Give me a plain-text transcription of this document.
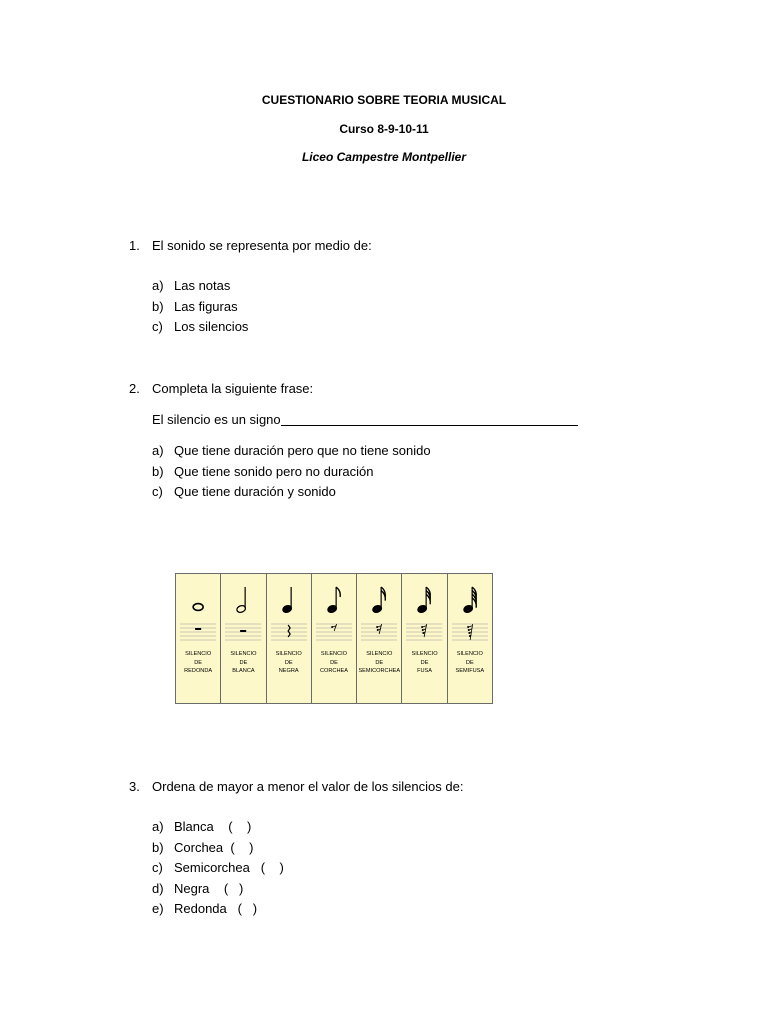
CUESTIONARIO SOBRE TEORIA MUSICAL
Curso 8-9-10-11
Liceo Campestre Montpellier
1. El sonido se representa por medio de:
a) Las notas
b) Las figuras
c) Los silencios
2. Completa la siguiente frase:
El silencio es un signo
a) Que tiene duración pero que no tiene sonido
b) Que tiene sonido pero no duración
c) Que tiene duración y sonido
SILENCIO
DE
REDONDA
SILENCIO
DE
BLANCA
SILENCIO
DE
NEGRA
SILENCIO
DE
CORCHEA
SILENCIO
DE
SEMICORCHEA
SILENCIO
DE
FUSA
SILENCIO
DE
SEMIFUSA
3. Ordena de mayor a menor el valor de los silencios de:
a) Blanca    (    )
b) Corchea  (    )
c) Semicorchea   (    )
d) Negra    (   )
e) Redonda   (   )
